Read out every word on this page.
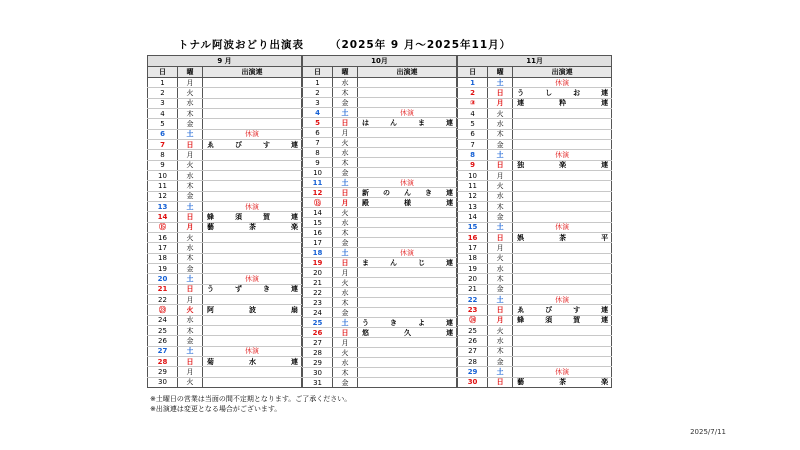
トナル阿波おどり出演表 （2025年 9 月～2025年11月）
9 月		
日	曜	出演連
1	月	
2	火	
3	水	
4	木	
5	金	
6	土	休演
7	日	ゑ び す 連

8	月	
9	火	
10	水	
11	木	
12	金	
13	土	休演
14	日	蜂 須 賀 連

⑮	月	藝 茶 楽

16	火	
17	水	
18	木	
19	金	
20	土	休演
21	日	う ず き 連

22	月	
㉓	火	阿 波 扇

24	水	
25	木	
26	金	
27	土	休演
28	日	菊 水 連

29	月	
30	火	
10月		
日	曜	出演連
1	水	
2	木	
3	金	
4	土	休演
5	日	は ん ま 連

6	月	
7	火	
8	水	
9	木	
10	金	
11	土	休演
12	日	新 の ん き 連

⑬	月	殿 様 連

14	火	
15	水	
16	木	
17	金	
18	土	休演
19	日	ま ん じ 連

20	月	
21	火	
22	水	
23	木	
24	金	
25	土	う き よ 連

26	日	悠 久 連

27	月	
28	火	
29	水	
30	木	
31	金	
11月		
日	曜	出演連
1	土	休演
2	日	う し お 連

③	月	連 粋 連

4	火	
5	水	
6	木	
7	金	
8	土	休演
9	日	独 楽 連

10	月	
11	火	
12	水	
13	木	
14	金	
15	土	休演
16	日	娯 茶 平

17	月	
18	火	
19	水	
20	木	
21	金	
22	土	休演
23	日	ゑ び す 連

㉔	月	蜂 須 賀 連

25	火	
26	水	
27	木	
28	金	
29	土	休演
30	日	藝 茶 楽
※土曜日の営業は当面の間不定期となります。ご了承ください。
※出演連は変更となる場合がございます。
2025/7/11
